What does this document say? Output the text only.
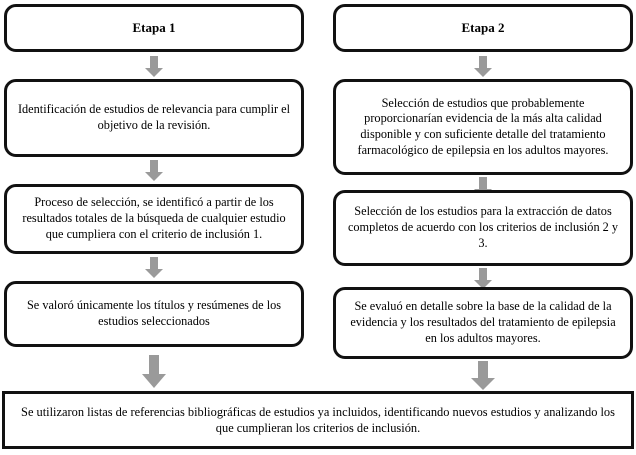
Etapa 1
Identificación de estudios de relevancia para cumplir el objetivo de la revisión.
Proceso de selección, se identificó a partir de los resultados totales de la búsqueda de cualquier estudio que cumpliera con el criterio de inclusión 1.
Se valoró únicamente los títulos y resúmenes de los estudios seleccionados
Etapa 2
Selección de estudios que probablemente proporcionarían evidencia de la más alta calidad disponible y con suficiente detalle del tratamiento farmacológico de epilepsia en los adultos mayores.
Selección de los estudios para la extracción de datos completos de acuerdo con los criterios de inclusión 2 y 3.
Se evaluó en detalle sobre la base de la calidad de la evidencia y los resultados del tratamiento de epilepsia en los adultos mayores.
Se utilizaron listas de referencias bibliográficas de estudios ya incluidos, identificando nuevos estudios y analizando los que cumplieran los criterios de inclusión.
